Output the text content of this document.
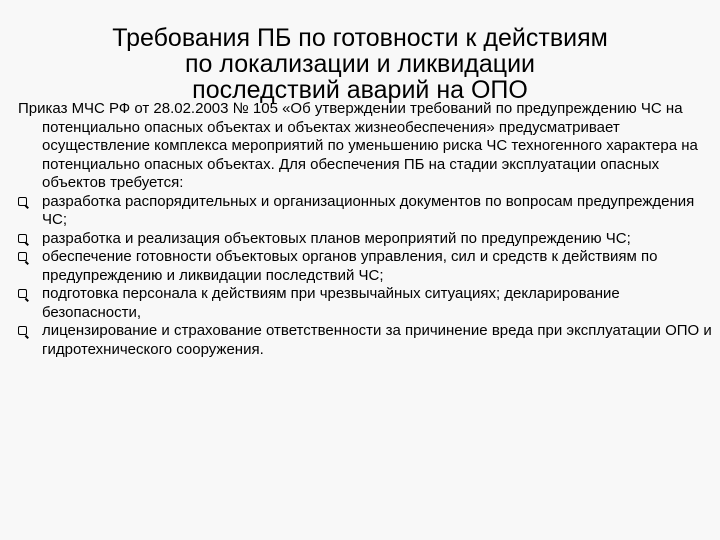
Требования ПБ по готовности к действиям
по локализации и ликвидации
последствий аварий на ОПО

Приказ МЧС РФ от 28.02.2003 № 105 «Об утверждении требований по предупреждению ЧС на потенциально опасных объектах и объектах жизнеобеспечения» предусматривает осуществление комплекса мероприятий по уменьшению риска ЧС техногенного характера на потенциально опасных объектах. Для обеспечения ПБ на стадии эксплуатации опасных объектов требуется:

разработка распорядительных и организационных документов по вопросам предупреждения ЧС;
разработка и реализация объектовых планов мероприятий по предупреждению ЧС;
обеспечение готовности объектовых органов управления, сил и средств к действиям по предупреждению и ликвидации последствий ЧС;
подготовка персонала к действиям при чрезвычайных ситуациях; декларирование безопасности,
лицензирование и страхование ответственности за причинение вреда при эксплуатации ОПО и гидротехнического сооружения.
